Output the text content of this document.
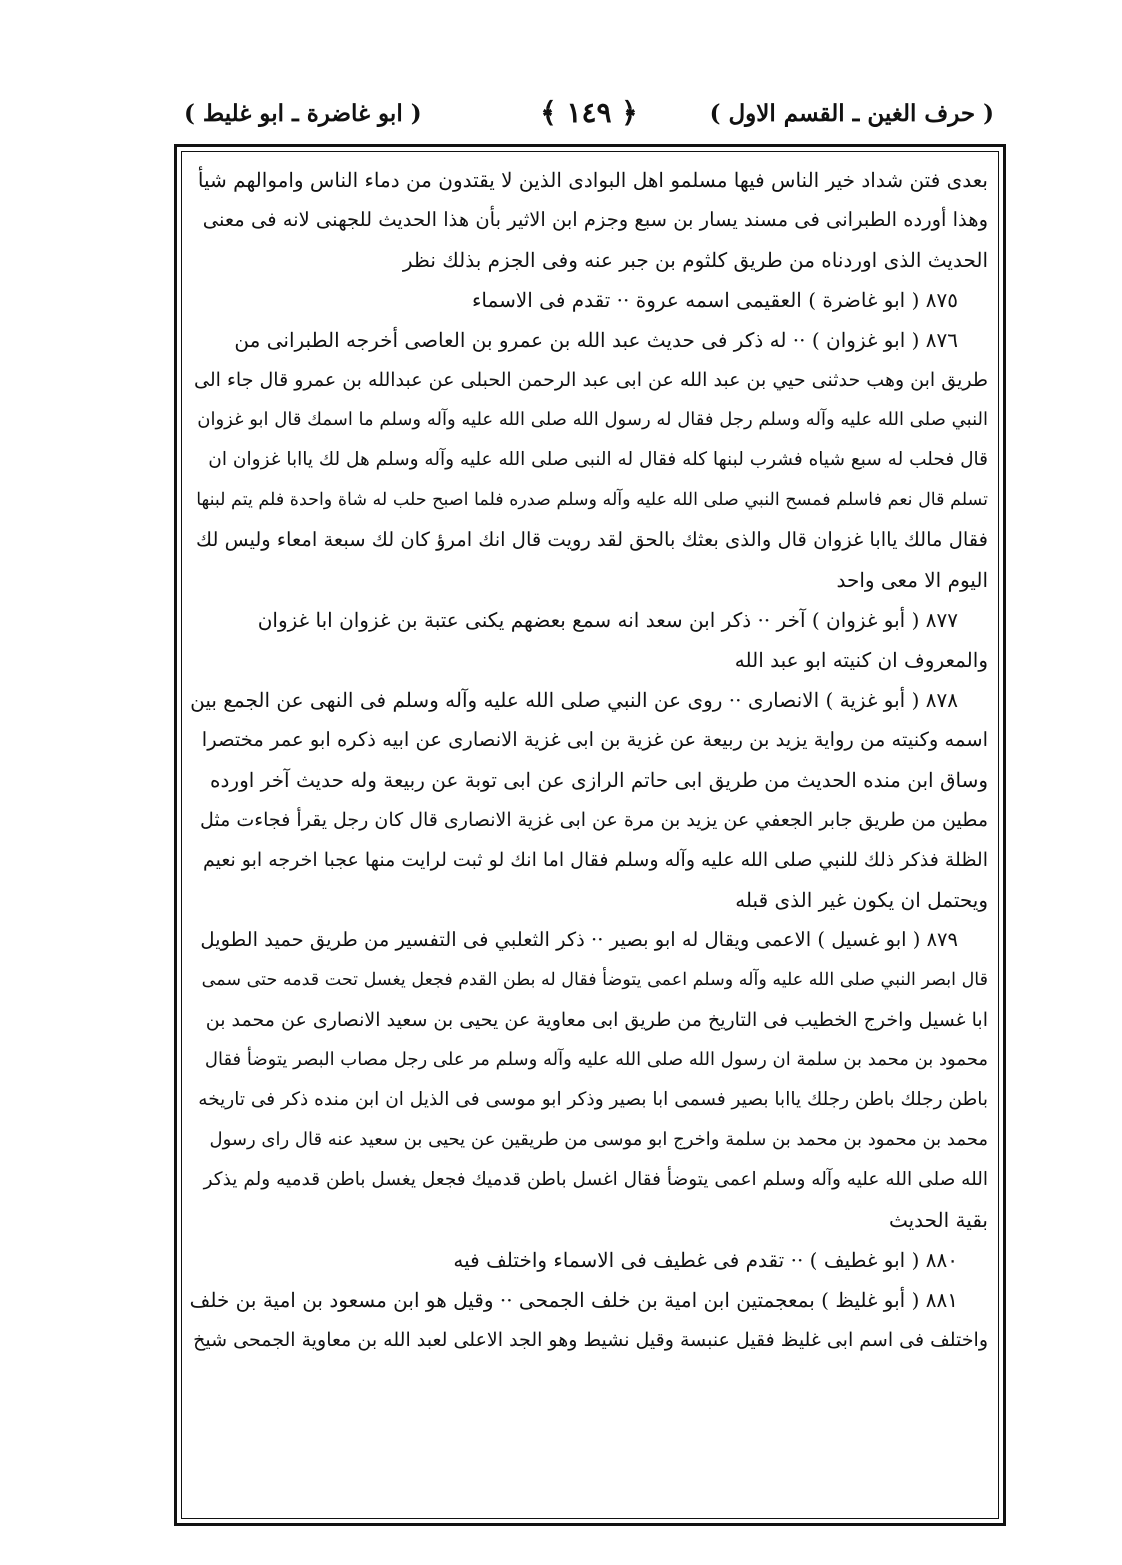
( حرف الغين ـ القسم الاول )
﴿ ١٤٩ ﴾
( ابو غاضرة ـ ابو غليط )
بعدى فتن شداد خير الناس فيها مسلمو اهل البوادى الذين لا يقتدون من دماء الناس واموالهم شيأ
وهذا أورده الطبرانى فى مسند يسار بن سبع وجزم ابن الاثير بأن هذا الحديث للجهنى لانه فى معنى
الحديث الذى اوردناه من طريق كلثوم بن جبر عنه وفى الجزم بذلك نظر
٨٧٥ ( ابو غاضرة ) العقيمى اسمه عروة ·· تقدم فى الاسماء
٨٧٦ ( ابو غزوان ) ·· له ذكر فى حديث عبد الله بن عمرو بن العاصى أخرجه الطبرانى من
طريق ابن وهب حدثنى حيي بن عبد الله عن ابى عبد الرحمن الحبلى عن عبدالله بن عمرو قال جاء الى
النبي صلى الله عليه وآله وسلم رجل فقال له رسول الله صلى الله عليه وآله وسلم ما اسمك قال ابو غزوان
قال فحلب له سبع شياه فشرب لبنها كله فقال له النبى صلى الله عليه وآله وسلم هل لك ياابا غزوان ان
تسلم قال نعم فاسلم فمسح النبي صلى الله عليه وآله وسلم صدره فلما اصبح حلب له شاة واحدة فلم يتم لبنها
فقال مالك ياابا غزوان قال والذى بعثك بالحق لقد رويت قال انك امرؤ كان لك سبعة امعاء وليس لك
اليوم الا معى واحد
٨٧٧ ( أبو غزوان ) آخر ·· ذكر ابن سعد انه سمع بعضهم يكنى عتبة بن غزوان ابا غزوان
والمعروف ان كنيته ابو عبد الله
٨٧٨ ( أبو غزية ) الانصارى ·· روى عن النبي صلى الله عليه وآله وسلم فى النهى عن الجمع بين
اسمه وكنيته من رواية يزيد بن ربيعة عن غزية بن ابى غزية الانصارى عن ابيه ذكره ابو عمر مختصرا
وساق ابن منده الحديث من طريق ابى حاتم الرازى عن ابى توبة عن ربيعة وله حديث آخر اورده
مطين من طريق جابر الجعفي عن يزيد بن مرة عن ابى غزية الانصارى قال كان رجل يقرأ فجاءت مثل
الظلة فذكر ذلك للنبي صلى الله عليه وآله وسلم فقال اما انك لو ثبت لرايت منها عجبا اخرجه ابو نعيم
ويحتمل ان يكون غير الذى قبله
٨٧٩ ( ابو غسيل ) الاعمى ويقال له ابو بصير ·· ذكر الثعلبي فى التفسير من طريق حميد الطويل
قال ابصر النبي صلى الله عليه وآله وسلم اعمى يتوضأ فقال له بطن القدم فجعل يغسل تحت قدمه حتى سمى
ابا غسيل واخرج الخطيب فى التاريخ من طريق ابى معاوية عن يحيى بن سعيد الانصارى عن محمد بن
محمود بن محمد بن سلمة ان رسول الله صلى الله عليه وآله وسلم مر على رجل مصاب البصر يتوضأ فقال
باطن رجلك باطن رجلك ياابا بصير فسمى ابا بصير وذكر ابو موسى فى الذيل ان ابن منده ذكر فى تاريخه
محمد بن محمود بن محمد بن سلمة واخرج ابو موسى من طريقين عن يحيى بن سعيد عنه قال راى رسول
الله صلى الله عليه وآله وسلم اعمى يتوضأ فقال اغسل باطن قدميك فجعل يغسل باطن قدميه ولم يذكر
بقية الحديث
٨٨٠ ( ابو غطيف ) ·· تقدم فى غطيف فى الاسماء واختلف فيه
٨٨١ ( أبو غليظ ) بمعجمتين ابن امية بن خلف الجمحى ·· وقيل هو ابن مسعود بن امية بن خلف
واختلف فى اسم ابى غليظ فقيل عنبسة وقيل نشيط وهو الجد الاعلى لعبد الله بن معاوية الجمحى شيخ
